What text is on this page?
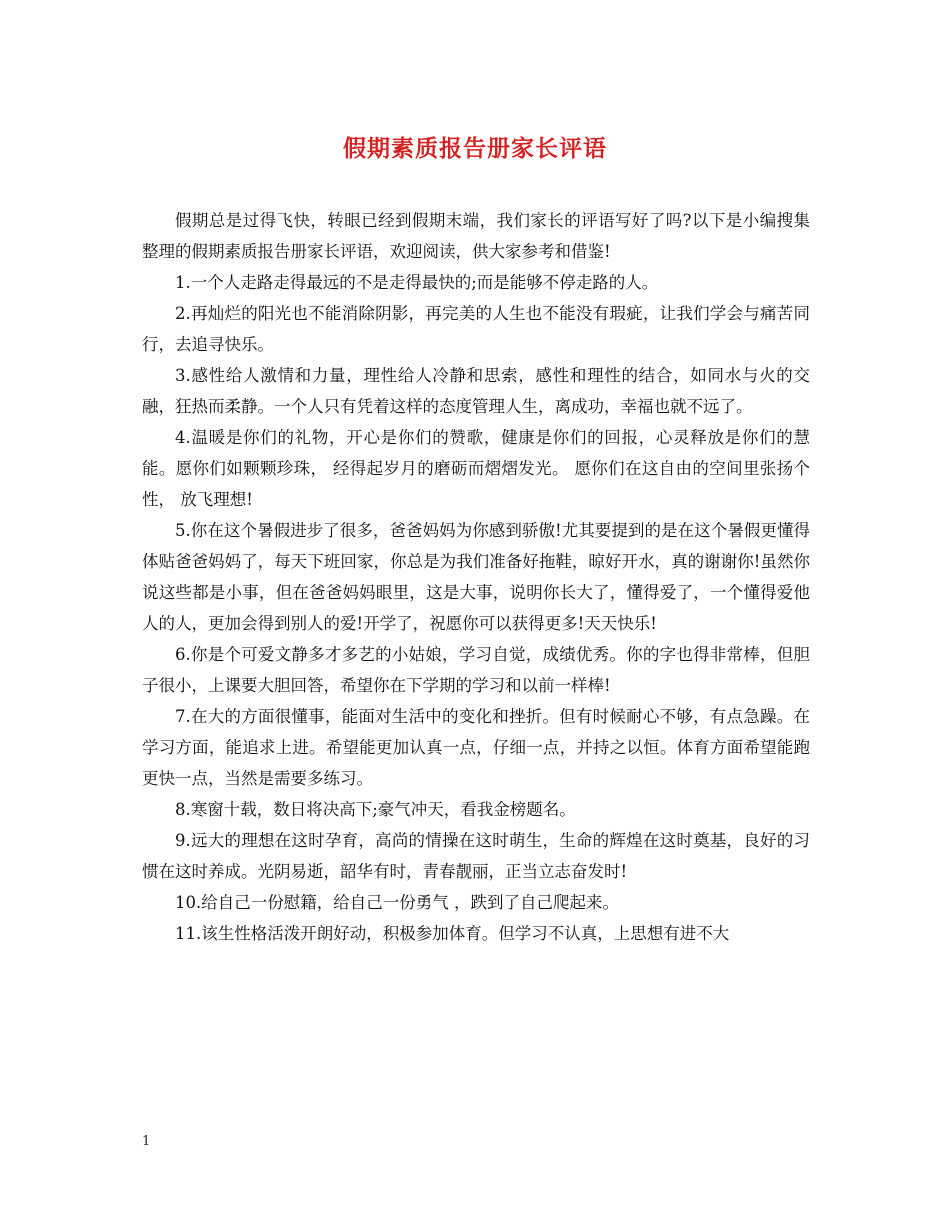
假期素质报告册家长评语

假期总是过得飞快，转眼已经到假期末端，我们家长的评语写好了吗?以下是小编搜集整理的假期素质报告册家长评语，欢迎阅读，供大家参考和借鉴!

1.一个人走路走得最远的不是走得最快的;而是能够不停走路的人。

2.再灿烂的阳光也不能消除阴影，再完美的人生也不能没有瑕疵，让我们学会与痛苦同行，去追寻快乐。

3.感性给人激情和力量，理性给人冷静和思索，感性和理性的结合，如同水与火的交融，狂热而柔静。一个人只有凭着这样的态度管理人生，离成功，幸福也就不远了。

4.温暖是你们的礼物，开心是你们的赞歌，健康是你们的回报，心灵释放是你们的慧能。愿你们如颗颗珍珠， 经得起岁月的磨砺而熠熠发光。 愿你们在这自由的空间里张扬个性， 放飞理想!

5.你在这个暑假进步了很多，爸爸妈妈为你感到骄傲!尤其要提到的是在这个暑假更懂得体贴爸爸妈妈了，每天下班回家，你总是为我们准备好拖鞋，晾好开水，真的谢谢你!虽然你说这些都是小事，但在爸爸妈妈眼里，这是大事，说明你长大了，懂得爱了，一个懂得爱他人的人，更加会得到别人的爱!开学了，祝愿你可以获得更多!天天快乐!

6.你是个可爱文静多才多艺的小姑娘，学习自觉，成绩优秀。你的字也得非常棒，但胆子很小，上课要大胆回答，希望你在下学期的学习和以前一样棒!

7.在大的方面很懂事，能面对生活中的变化和挫折。但有时候耐心不够，有点急躁。在学习方面，能追求上进。希望能更加认真一点，仔细一点，并持之以恒。体育方面希望能跑更快一点，当然是需要多练习。

8.寒窗十载，数日将决高下;豪气冲天，看我金榜题名。

9.远大的理想在这时孕育，高尚的情操在这时萌生，生命的辉煌在这时奠基，良好的习惯在这时养成。光阴易逝，韶华有时，青春靓丽，正当立志奋发时!

10.给自己一份慰籍，给自己一份勇气 ，跌到了自己爬起来。

11.该生性格活泼开朗好动，积极参加体育。但学习不认真，上思想有进不大

1
